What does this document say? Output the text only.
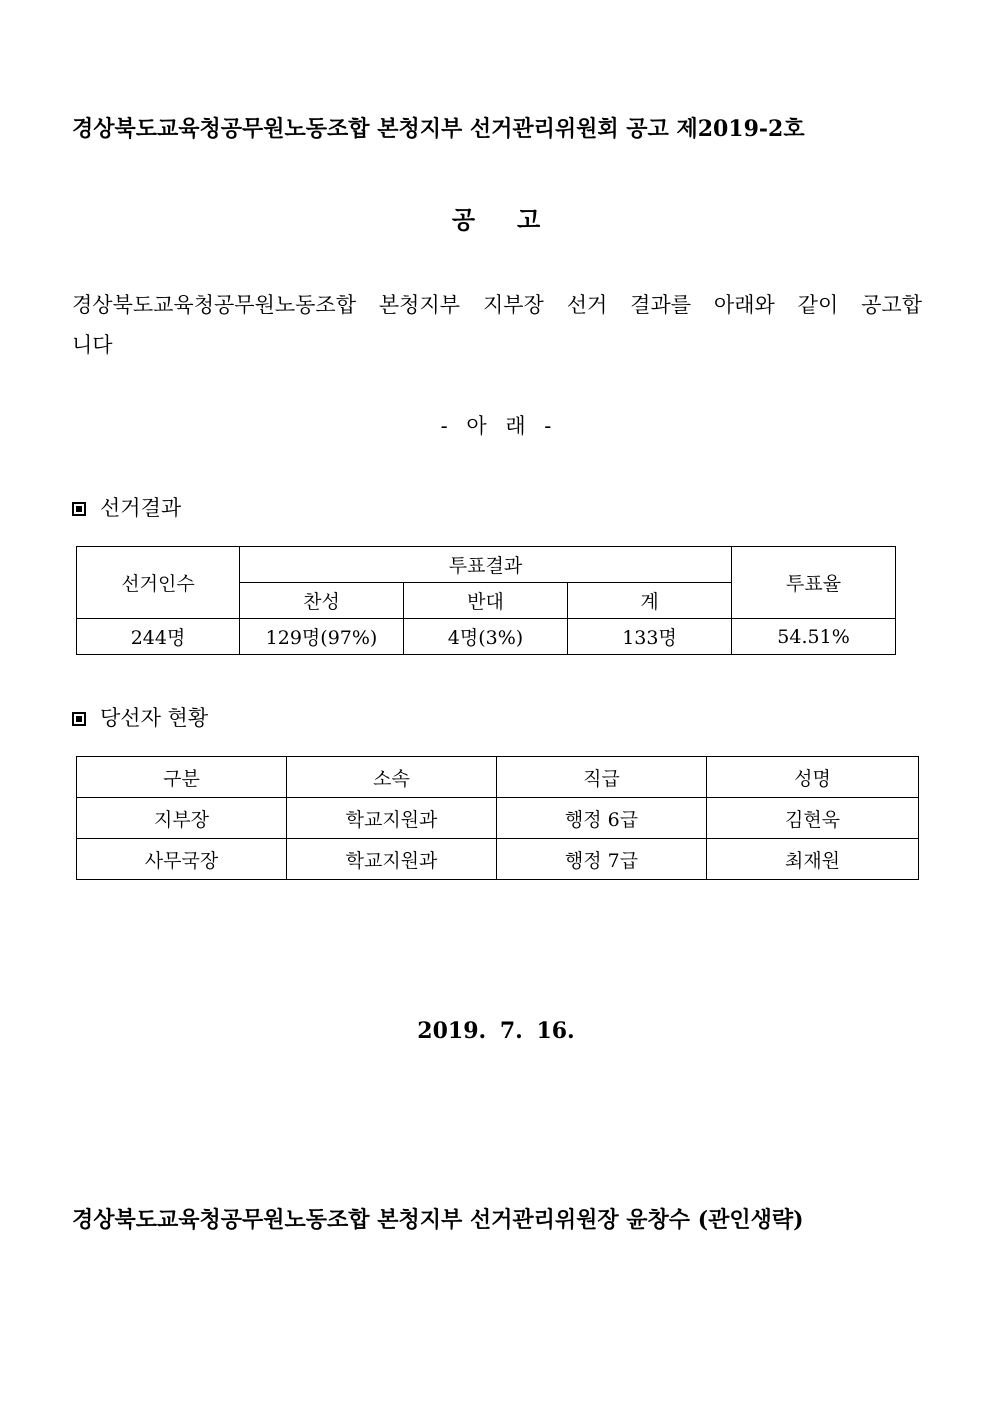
경상북도교육청공무원노동조합 본청지부 선거관리위원회 공고 제2019-2호
공고
경상북도교육청공무원노동조합 본청지부 지부장 선거 결과를 아래와 같이 공고합니다
- 아 래 -
선거결과
선거인수	투표결과			투표율
	찬성	반대	계	
244명	129명(97%)	4명(3%)	133명	54.51%
당선자 현황
구분	소속	직급	성명
지부장	학교지원과	행정 6급	김현욱
사무국장	학교지원과	행정 7급	최재원
2019. 7. 16.
경상북도교육청공무원노동조합 본청지부 선거관리위원장 윤창수 (관인생략)
